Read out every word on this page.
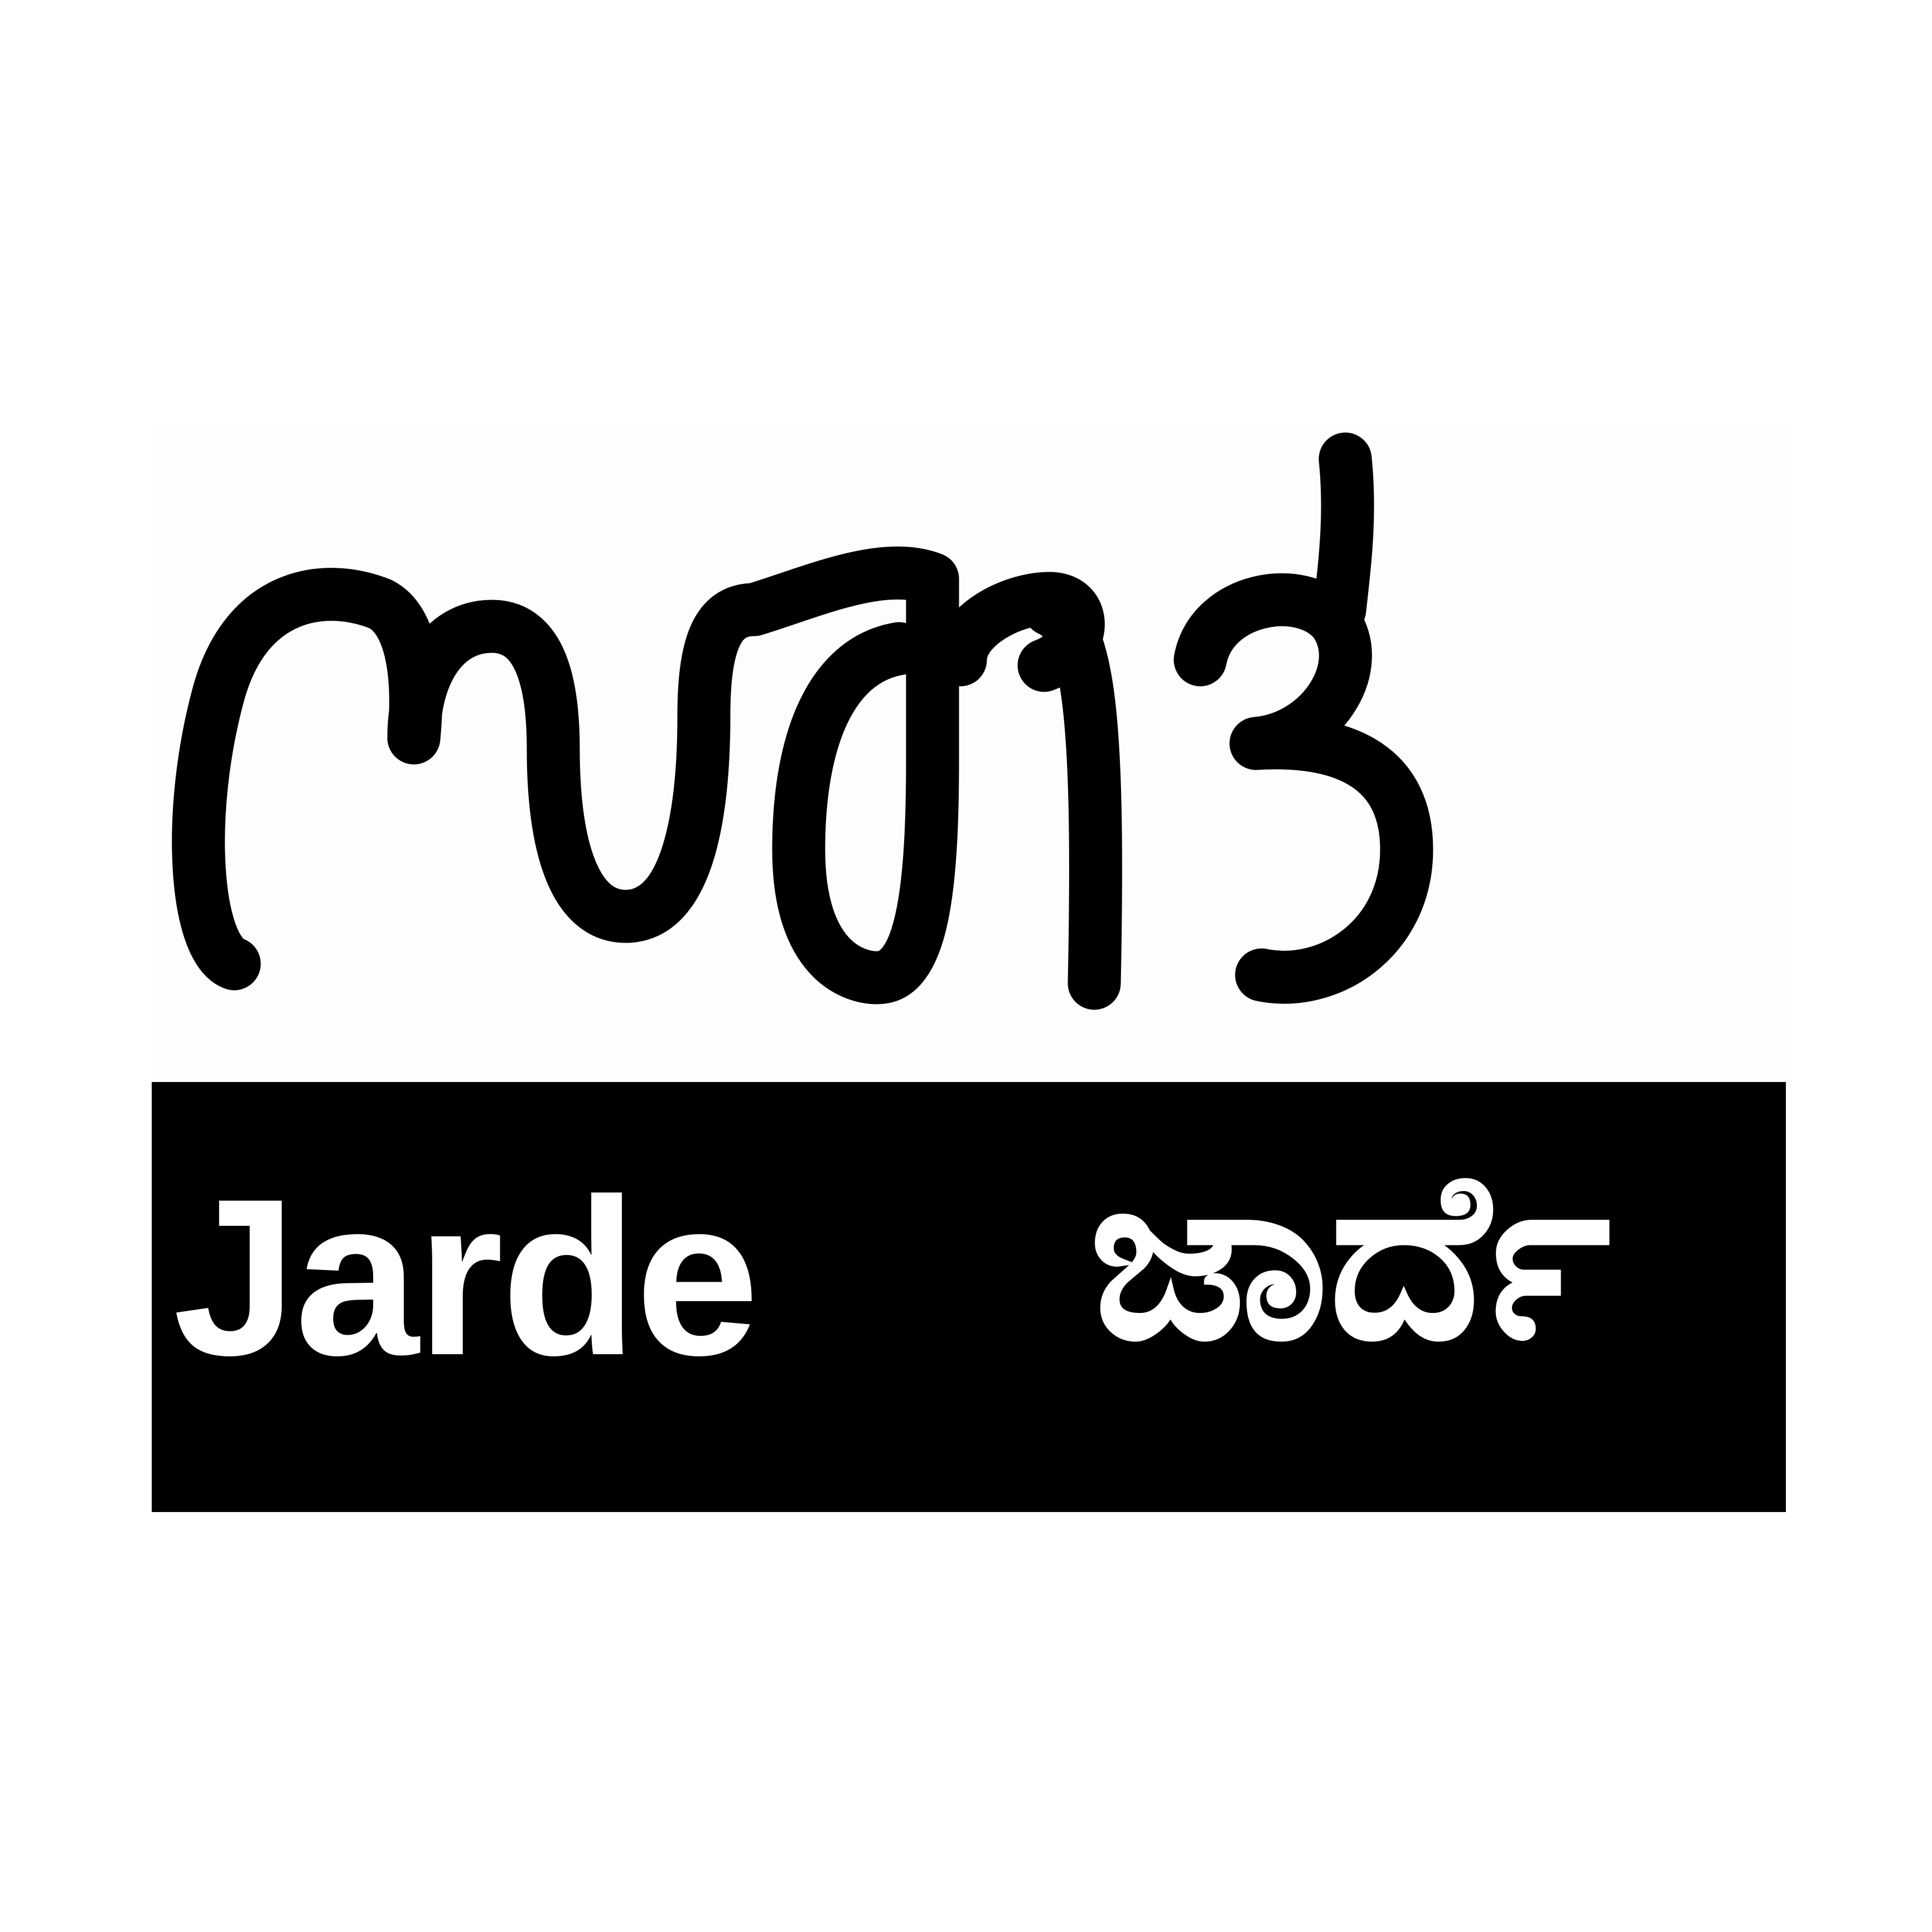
Jarde ಜಾರ್ದೆ
